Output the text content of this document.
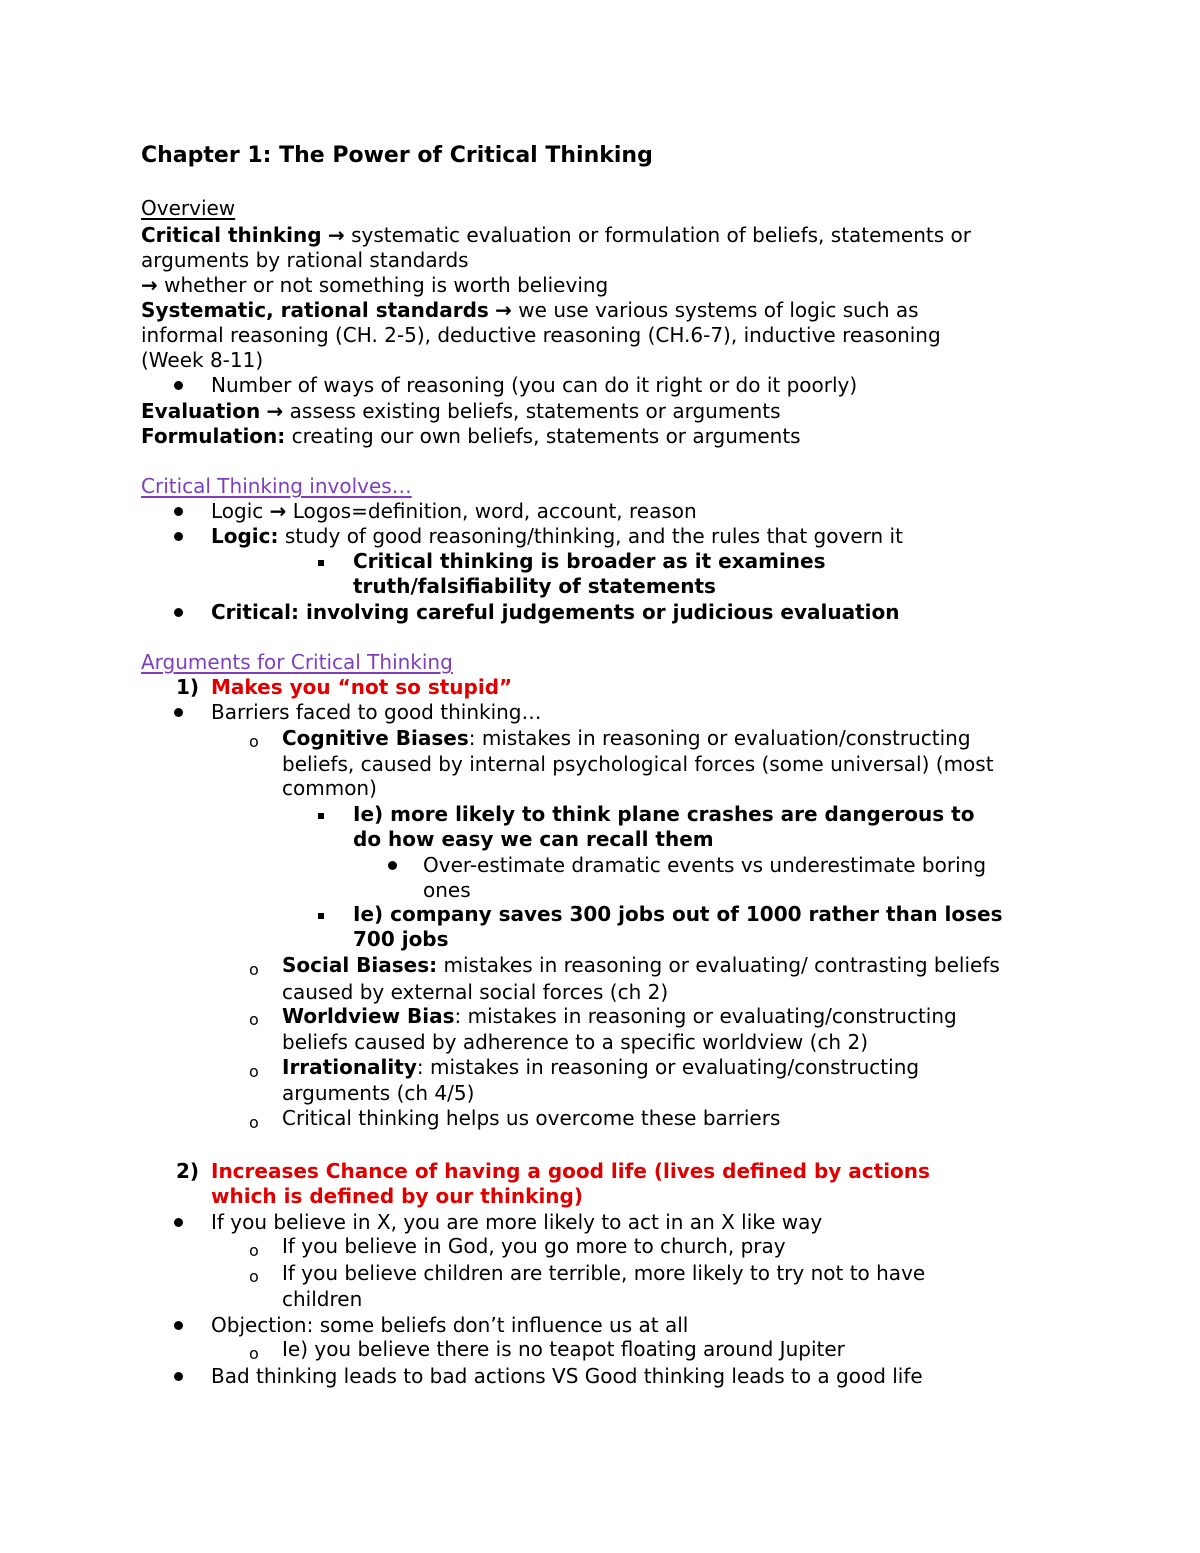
Chapter 1: The Power of Critical Thinking
Overview
Critical thinking → systematic evaluation or formulation of beliefs, statements or
arguments by rational standards
→ whether or not something is worth believing
Systematic, rational standards → we use various systems of logic such as
informal reasoning (CH. 2-5), deductive reasoning (CH.6-7), inductive reasoning
(Week 8-11)
Number of ways of reasoning (you can do it right or do it poorly)
Evaluation → assess existing beliefs, statements or arguments
Formulation: creating our own beliefs, statements or arguments
Critical Thinking involves…
Logic → Logos=definition, word, account, reason
Logic: study of good reasoning/thinking, and the rules that govern it
Critical thinking is broader as it examines
truth/falsifiability of statements
Critical: involving careful judgements or judicious evaluation
Arguments for Critical Thinking
1) Makes you “not so stupid”
Barriers faced to good thinking…
o Cognitive Biases: mistakes in reasoning or evaluation/constructing
beliefs, caused by internal psychological forces (some universal) (most
common)
Ie) more likely to think plane crashes are dangerous to
do how easy we can recall them
Over-estimate dramatic events vs underestimate boring
ones
Ie) company saves 300 jobs out of 1000 rather than loses
700 jobs
o Social Biases: mistakes in reasoning or evaluating/ contrasting beliefs
caused by external social forces (ch 2)
o Worldview Bias: mistakes in reasoning or evaluating/constructing
beliefs caused by adherence to a specific worldview (ch 2)
o Irrationality: mistakes in reasoning or evaluating/constructing
arguments (ch 4/5)
o Critical thinking helps us overcome these barriers
2) Increases Chance of having a good life (lives defined by actions
which is defined by our thinking)
If you believe in X, you are more likely to act in an X like way
o If you believe in God, you go more to church, pray
o If you believe children are terrible, more likely to try not to have
children
Objection: some beliefs don’t influence us at all
o Ie) you believe there is no teapot floating around Jupiter
Bad thinking leads to bad actions VS Good thinking leads to a good life
